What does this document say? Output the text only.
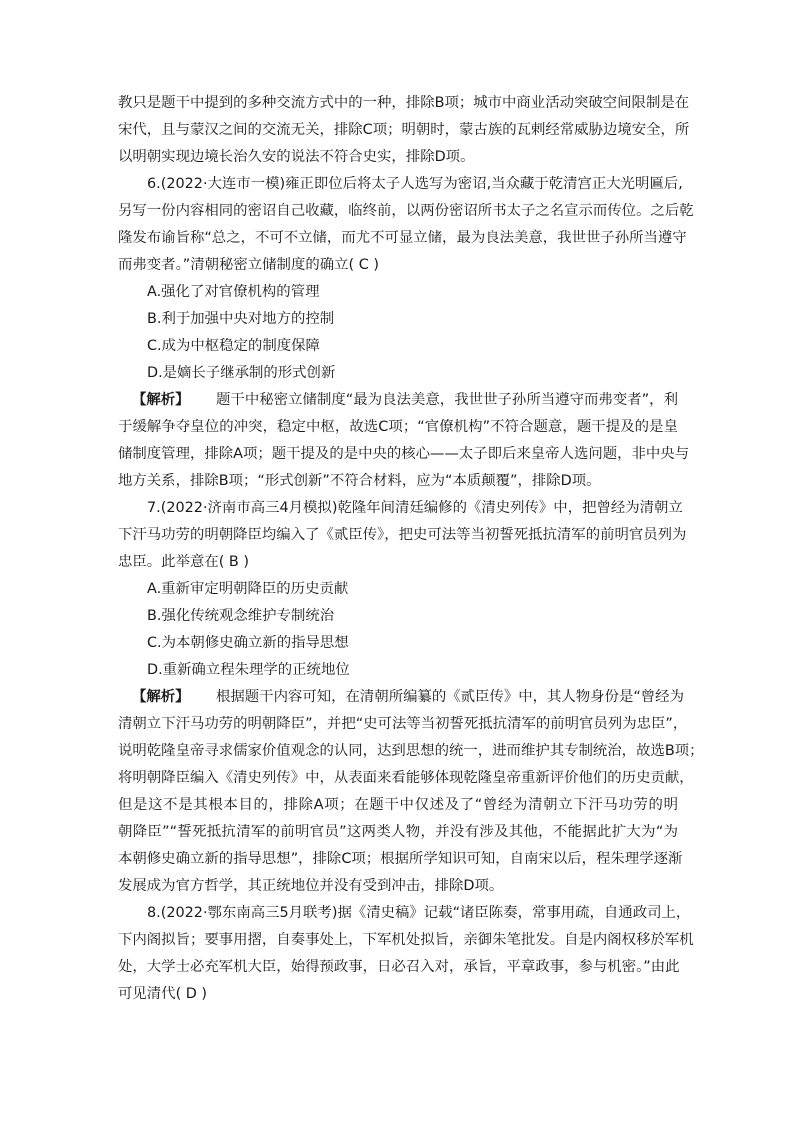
教只是题干中提到的多种交流方式中的一种，排除B项；城市中商业活动突破空间限制是在
宋代，且与蒙汉之间的交流无关，排除C项；明朝时，蒙古族的瓦剌经常威胁边境安全，所
以明朝实现边境长治久安的说法不符合史实，排除D项。
6.(2022·大连市一模)雍正即位后将太子人选写为密诏,当众藏于乾清宫正大光明匾后,
另写一份内容相同的密诏自己收藏，临终前，以两份密诏所书太子之名宣示而传位。之后乾
隆发布谕旨称“总之，不可不立储，而尤不可显立储，最为良法美意，我世世子孙所当遵守
而弗变者。”清朝秘密立储制度的确立( C )
A.强化了对官僚机构的管理
B.利于加强中央对地方的控制
C.成为中枢稳定的制度保障
D.是嫡长子继承制的形式创新
【解析】	题干中秘密立储制度“最为良法美意，我世世子孙所当遵守而弗变者”，利
于缓解争夺皇位的冲突，稳定中枢，故选C项；“官僚机构”不符合题意，题干提及的是皇
储制度管理，排除A项；题干提及的是中央的核心——太子即后来皇帝人选问题，非中央与
地方关系，排除B项；“形式创新”不符合材料，应为“本质颠覆”，排除D项。
7.(2022·济南市高三4月模拟)乾隆年间清廷编修的《清史列传》中，把曾经为清朝立
下汗马功劳的明朝降臣均编入了《贰臣传》，把史可法等当初誓死抵抗清军的前明官员列为
忠臣。此举意在( B )
A.重新审定明朝降臣的历史贡献
B.强化传统观念维护专制统治
C.为本朝修史确立新的指导思想
D.重新确立程朱理学的正统地位
【解析】	根据题干内容可知，在清朝所编纂的《贰臣传》中，其人物身份是“曾经为
清朝立下汗马功劳的明朝降臣”，并把“史可法等当初誓死抵抗清军的前明官员列为忠臣”，
说明乾隆皇帝寻求儒家价值观念的认同，达到思想的统一，进而维护其专制统治，故选B项；
将明朝降臣编入《清史列传》中，从表面来看能够体现乾隆皇帝重新评价他们的历史贡献，
但是这不是其根本目的，排除A项；在题干中仅述及了“曾经为清朝立下汗马功劳的明
朝降臣”“誓死抵抗清军的前明官员”这两类人物，并没有涉及其他，不能据此扩大为“为
本朝修史确立新的指导思想”，排除C项；根据所学知识可知，自南宋以后，程朱理学逐渐
发展成为官方哲学，其正统地位并没有受到冲击，排除D项。
8.(2022·鄂东南高三5月联考)据《清史稿》记载“诸臣陈奏，常事用疏，自通政司上，
下内阁拟旨；要事用摺，自奏事处上，下军机处拟旨，亲御朱笔批发。自是内阁权移於军机
处，大学士必充军机大臣，始得预政事，日必召入对，承旨，平章政事，参与机密。”由此
可见清代( D )
